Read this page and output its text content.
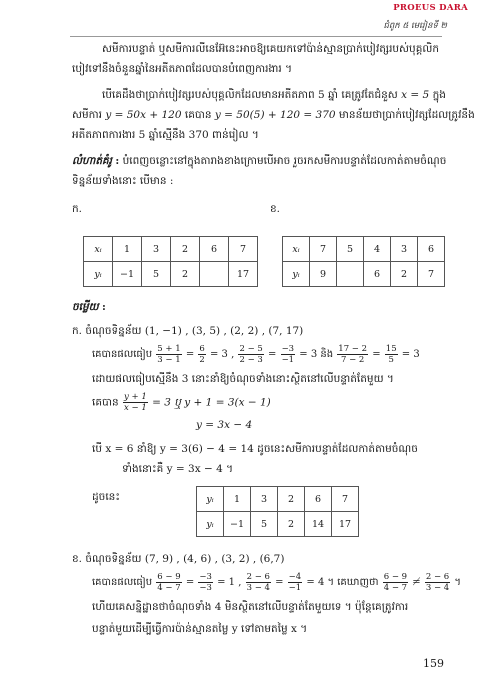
PROEUS DARA
ជំពូក ៥ មេរៀនទី ២
សមីការបន្ទាត់ ឬសមីការលីនេអ៊ែនេះអាចឱ្យគេយកទៅប៉ាន់ស្មានប្រាក់បៀវត្សរបស់បុគ្គលិក
បៀវទៅនឹងចំនួនឆ្នាំនៃអតីតភាពដែលបានបំពេញការងារ ។
បើគេដឹងថាប្រាក់បៀវត្សរបស់បុគ្គលិកដែលមានអតីតភាព 5 ឆ្នាំ គេត្រូវតែជំនួស x = 5 ក្នុង
សមីការ y = 50x + 120 គេបាន y = 50(5) + 120 = 370 មានន័យថាប្រាក់បៀវត្សដែលត្រូវនឹង
អតីតភាពការងារ 5 ឆ្នាំស្មើនឹង 370 ពាន់រៀល ។
លំហាត់គំរូ : បំពេញចន្លោះនៅក្នុងតារាងខាងក្រោមបើអាច រួចរកសមីការបន្ទាត់ដែលកាត់តាមចំណុច
ទិន្នន័យទាំងនោះ បើមាន :
ក.	ខ.
xᵢ	1	3	2	6	7
yᵢ	−1	5	2		17
xᵢ	7	5	4	3	6
yᵢ	9		6	2	7
ចម្លើយ :
ក. ចំណុចទិន្នន័យ (1, −1) , (3, 5) , (2, 2) , (7, 17)
គេបានផលធៀប $\frac{5 + 1}{3 - 1} = \frac{6}{2} = 3$ , $\frac{2 - 5}{2 - 3} = \frac{-3}{-1} = 3$ និង $\frac{17 - 2}{7 - 2} = \frac{15}{5} = 3$
ដោយផលធៀបស្មើនឹង 3 នោះនាំឱ្យចំណុចទាំងនោះស្ថិតនៅលើបន្ទាត់តែមួយ ។
គេបាន $\frac{y + 1}{x - 1} = 3$ ឬ y + 1 = 3(x − 1)
y = 3x − 4
បើ x = 6 នាំឱ្យ y = 3(6) − 4 = 14 ដូចនេះសមីការបន្ទាត់ដែលកាត់តាមចំណុច
ទាំងនោះគឺ y = 3x − 4 ។
ដូចនេះ	yᵢ	1	3	2	6	7
yᵢ	−1	5	2	14	17
ខ. ចំណុចទិន្នន័យ (7, 9) , (4, 6) , (3, 2) , (6,7)
គេបានផលធៀប $\frac{6 - 9}{4 - 7} = \frac{-3}{-3} = 1$ , $\frac{2 - 6}{3 - 4} = \frac{-4}{-1} = 4$ ។ គេឃាញថា $\frac{6 - 9}{4 - 7} \ne \frac{2 - 6}{3 - 4}$ ។
ហើយគេសន្និដ្ឋានថាចំណុចទាំង 4 មិនស្ថិតនៅលើបន្ទាត់តែមួយទេ ។ ប៉ុន្តែគេត្រូវការ
បន្ទាត់មួយដើម្បីធ្វើការប៉ាន់ស្មានតម្លៃ y ទៅតាមតម្លៃ x ។
159
